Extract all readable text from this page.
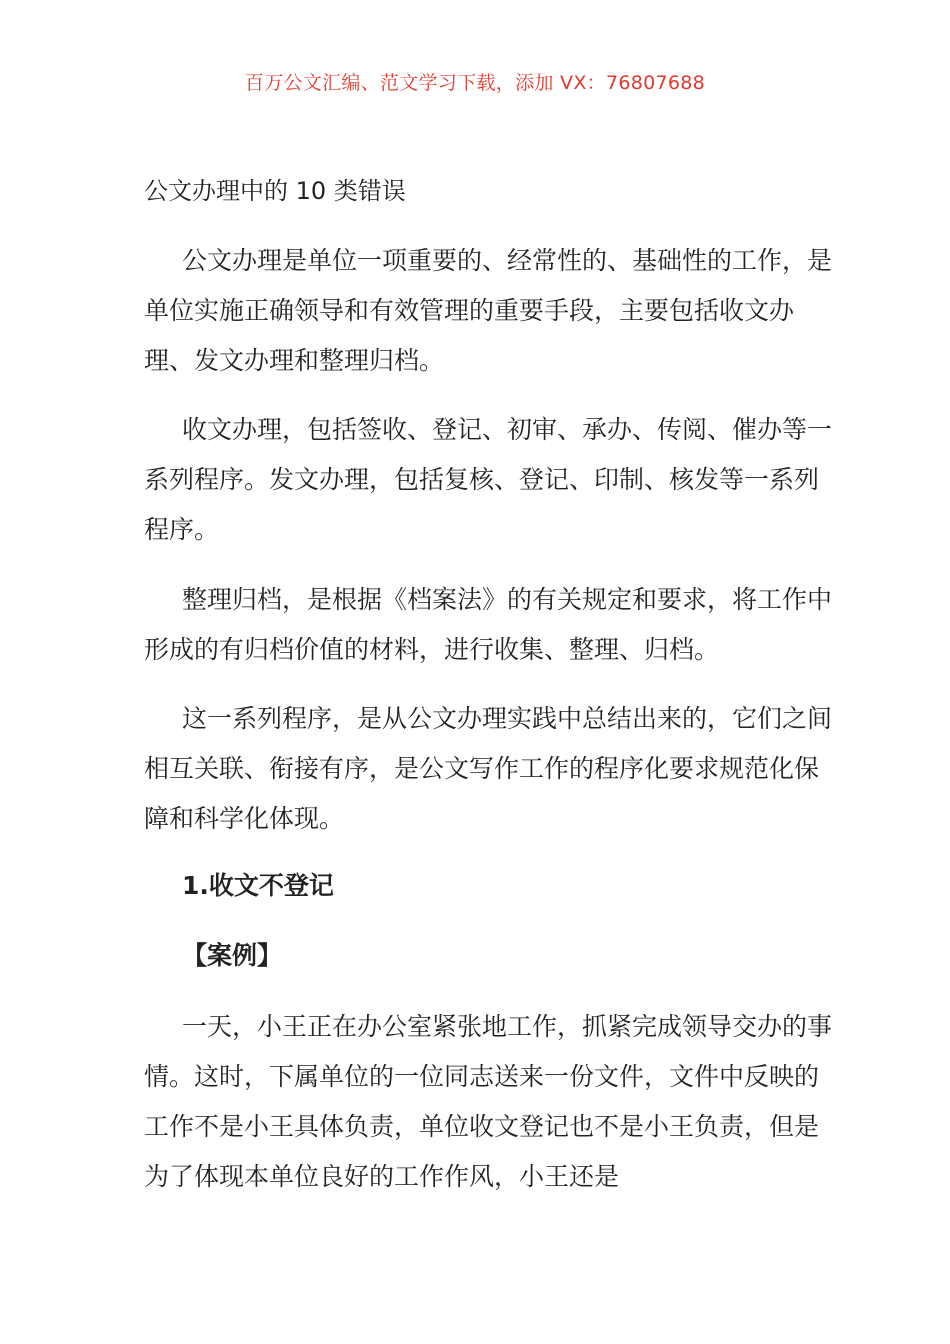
百万公文汇编、范文学习下载，添加 VX：76807688
公文办理中的 10 类错误

公文办理是单位一项重要的、经常性的、基础性的工作，是单位实施正确领导和有效管理的重要手段，主要包括收文办理、发文办理和整理归档。

收文办理，包括签收、登记、初审、承办、传阅、催办等一系列程序。发文办理，包括复核、登记、印制、核发等一系列程序。

整理归档，是根据《档案法》的有关规定和要求，将工作中形成的有归档价值的材料，进行收集、整理、归档。

这一系列程序，是从公文办理实践中总结出来的，它们之间相互关联、衔接有序，是公文写作工作的程序化要求规范化保障和科学化体现。

1.收文不登记
【案例】

一天，小王正在办公室紧张地工作，抓紧完成领导交办的事情。这时，下属单位的一位同志送来一份文件，文件中反映的工作不是小王具体负责，单位收文登记也不是小王负责，但是为了体现本单位良好的工作作风，小王还是
